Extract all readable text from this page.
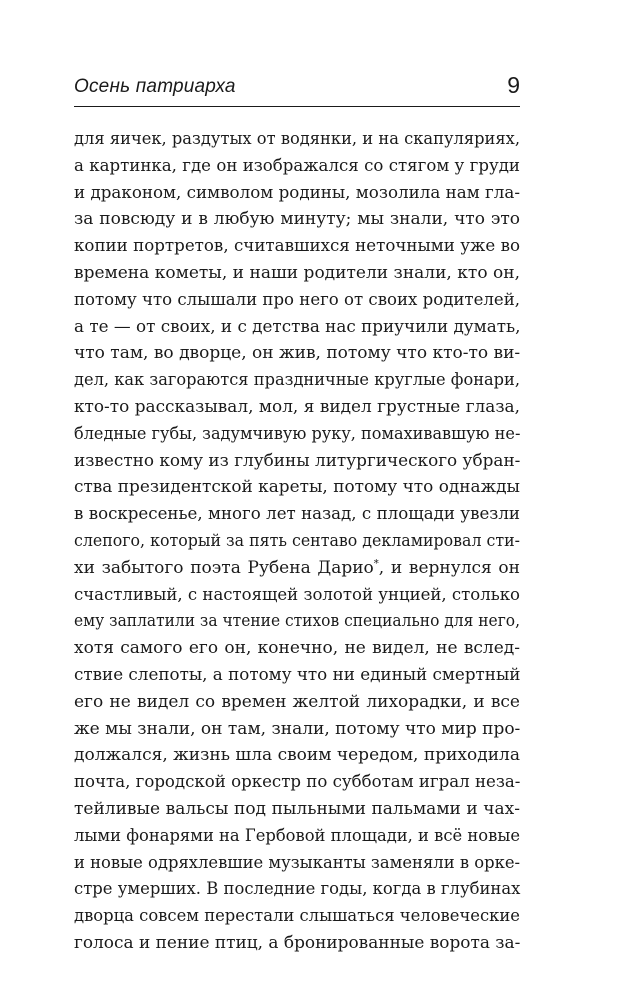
Осень патриарха	9
для яичек, раздутых от водянки, и на скапуляриях,
а картинка, где он изображался со стягом у груди
и драконом, символом родины, мозолила нам гла-
за повсюду и в любую минуту; мы знали, что это
копии портретов, считавшихся неточными уже во
времена кометы, и наши родители знали, кто он,
потому что слышали про него от своих родителей,
а те — от своих, и с детства нас приучили думать,
что там, во дворце, он жив, потому что кто-то ви-
дел, как загораются праздничные круглые фонари,
кто-то рассказывал, мол, я видел грустные глаза,
бледные губы, задумчивую руку, помахивавшую не-
известно кому из глубины литургического убран-
ства президентской кареты, потому что однажды
в воскресенье, много лет назад, с площади увезли
слепого, который за пять сентаво декламировал сти-
хи забытого поэта Рубена Дарио*, и вернулся он
счастливый, с настоящей золотой унцией, столько
ему заплатили за чтение стихов специально для него,
хотя самого его он, конечно, не видел, не вслед-
ствие слепоты, а потому что ни единый смертный
его не видел со времен желтой лихорадки, и все
же мы знали, он там, знали, потому что мир про-
должался, жизнь шла своим чередом, приходила
почта, городской оркестр по субботам играл неза-
тейливые вальсы под пыльными пальмами и чах-
лыми фонарями на Гербовой площади, и всё новые
и новые одряхлевшие музыканты заменяли в орке-
стре умерших. В последние годы, когда в глубинах
дворца совсем перестали слышаться человеческие
голоса и пение птиц, а бронированные ворота за-
